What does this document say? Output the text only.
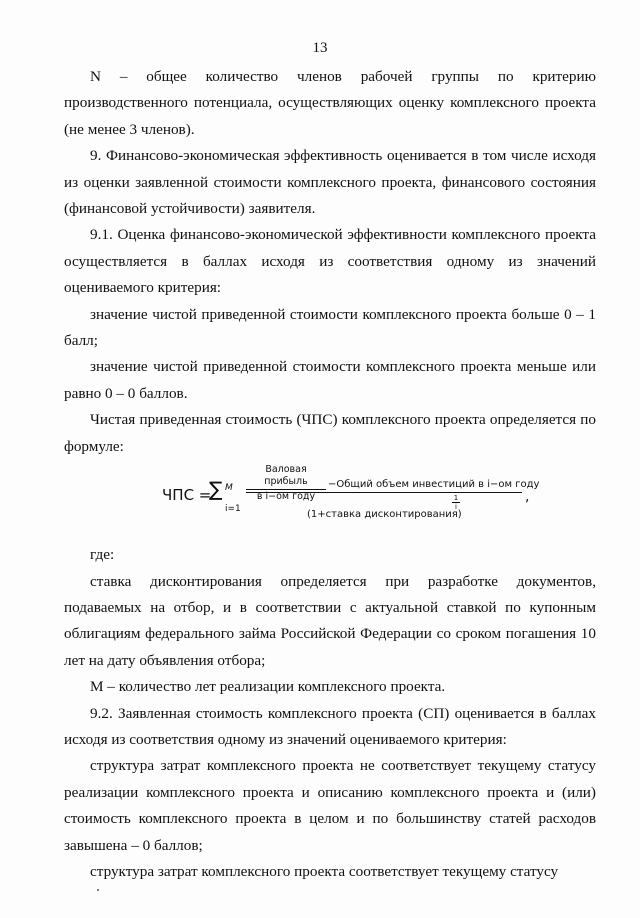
13

N – общее количество членов рабочей группы по критерию производственного потенциала, осуществляющих оценку комплексного проекта (не менее 3 членов).

9. Финансово-экономическая эффективность оценивается в том числе исходя из оценки заявленной стоимости комплексного проекта, финансового состояния (финансовой устойчивости) заявителя.

9.1. Оценка финансово-экономической эффективности комплексного проекта осуществляется в баллах исходя из соответствия одному из значений оцениваемого критерия:

значение чистой приведенной стоимости комплексного проекта больше 0 – 1 балл;

значение чистой приведенной стоимости комплексного проекта меньше или равно 0 – 0 баллов.

Чистая приведенная стоимость (ЧПС) комплексного проекта определяется по формуле:

ЧПС =
∑ M
i=1
Валовая прибыль
в i−ом году
−Общий объем инвестиций в i−ом году
(1+ставка дисконтирования)
$\frac{1}{i}$	,

где:

ставка дисконтирования определяется при разработке документов, подаваемых на отбор, и в соответствии с актуальной ставкой по купонным облигациям федерального займа Российской Федерации со сроком погашения 10 лет на дату объявления отбора;

M – количество лет реализации комплексного проекта.

9.2. Заявленная стоимость комплексного проекта (СП) оценивается в баллах исходя из соответствия одному из значений оцениваемого критерия:

структура затрат комплексного проекта не соответствует текущему статусу реализации комплексного проекта и описанию комплексного проекта и (или) стоимость комплексного проекта в целом и по большинству статей расходов завышена – 0 баллов;

структура затрат комплексного проекта соответствует текущему статусу
